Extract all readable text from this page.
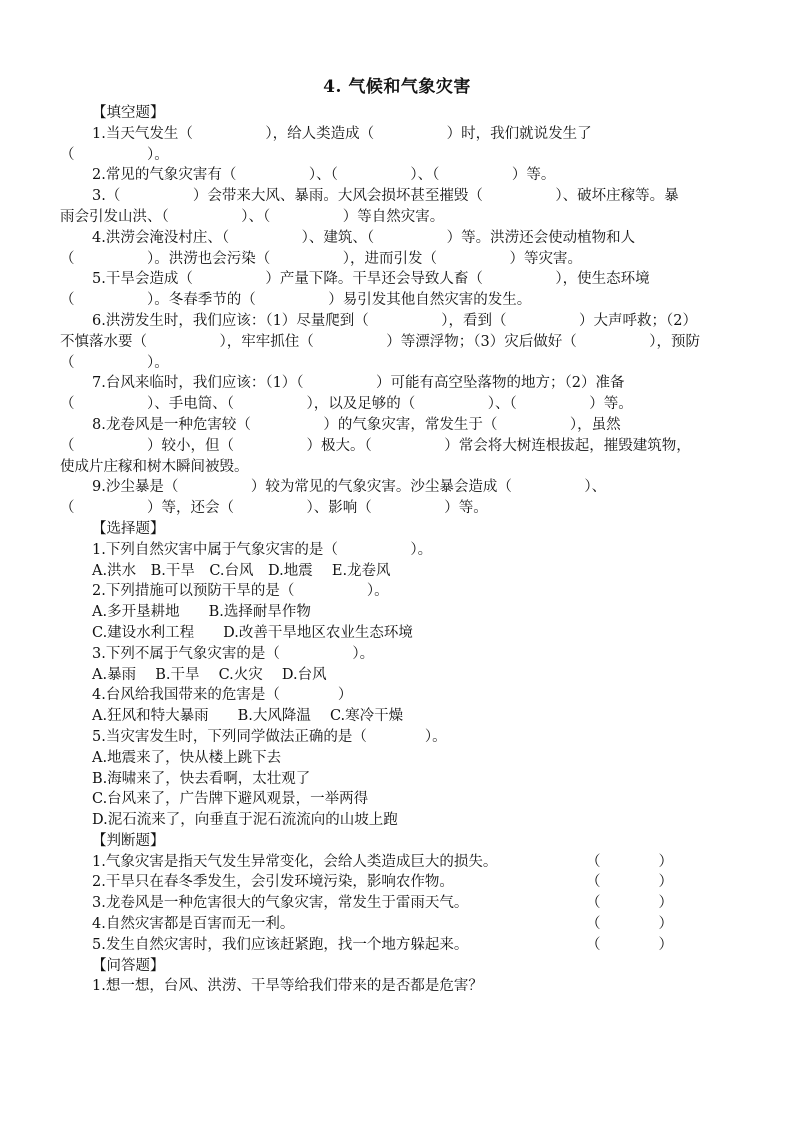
4. 气候和气象灾害
【填空题】
1.当天气发生（　　　　　），给人类造成（　　　　　）时，我们就说发生了
（　　　　　）。
2.常见的气象灾害有（　　　　　）、（　　　　　）、（　　　　　）等。
3.（　　　　　）会带来大风、暴雨。大风会损坏甚至摧毁（　　　　　）、破坏庄稼等。暴
雨会引发山洪、（　　　　　）、（　　　　　）等自然灾害。
4.洪涝会淹没村庄、（　　　　　）、建筑、（　　　　　）等。洪涝还会使动植物和人
（　　　　　）。洪涝也会污染（　　　　　），进而引发（　　　　　）等灾害。
5.干旱会造成（　　　　　）产量下降。干旱还会导致人畜（　　　　　），使生态环境
（　　　　　）。冬春季节的（　　　　　）易引发其他自然灾害的发生。
6.洪涝发生时，我们应该：（1）尽量爬到（　　　　　），看到（　　　　　）大声呼救；（2）
不慎落水要（　　　　　），牢牢抓住（　　　　　）等漂浮物；（3）灾后做好（　　　　　），预防
（　　　　　）。
7.台风来临时，我们应该：（1）（　　　　　）可能有高空坠落物的地方；（2）准备
（　　　　　）、手电筒、（　　　　　），以及足够的（　　　　　）、（　　　　　）等。
8.龙卷风是一种危害较（　　　　　）的气象灾害，常发生于（　　　　　），虽然
（　　　　　）较小，但（　　　　　）极大。（　　　　　）常会将大树连根拔起，摧毁建筑物，
使成片庄稼和树木瞬间被毁。
9.沙尘暴是（　　　　　）较为常见的气象灾害。沙尘暴会造成（　　　　　）、
（　　　　　）等，还会（　　　　　）、影响（　　　　　）等。
【选择题】
1.下列自然灾害中属于气象灾害的是（　　　　　）。
A.洪水　B.干旱　C.台风　D.地震　 E.龙卷风
2.下列措施可以预防干旱的是（　　　　　）。
A.多开垦耕地　　B.选择耐旱作物
C.建设水利工程　　D.改善干旱地区农业生态环境
3.下列不属于气象灾害的是（　　　　　）。
A.暴雨　 B.干旱　 C.火灾　 D.台风
4.台风给我国带来的危害是（　　　　）
A.狂风和特大暴雨　　B.大风降温　 C.寒冷干燥
5.当灾害发生时，下列同学做法正确的是（　　　　）。
A.地震来了，快从楼上跳下去
B.海啸来了，快去看啊，太壮观了
C.台风来了，广告牌下避风观景，一举两得
D.泥石流来了，向垂直于泥石流流向的山坡上跑
【判断题】
1.气象灾害是指天气发生异常变化，会给人类造成巨大的损失。	（　　　　）
2.干旱只在春冬季发生，会引发环境污染，影响农作物。	（　　　　）
3.龙卷风是一种危害很大的气象灾害，常发生于雷雨天气。	（　　　　）
4.自然灾害都是百害而无一利。	（　　　　）
5.发生自然灾害时，我们应该赶紧跑，找一个地方躲起来。	（　　　　）
【问答题】
1.想一想，台风、洪涝、干旱等给我们带来的是否都是危害？
